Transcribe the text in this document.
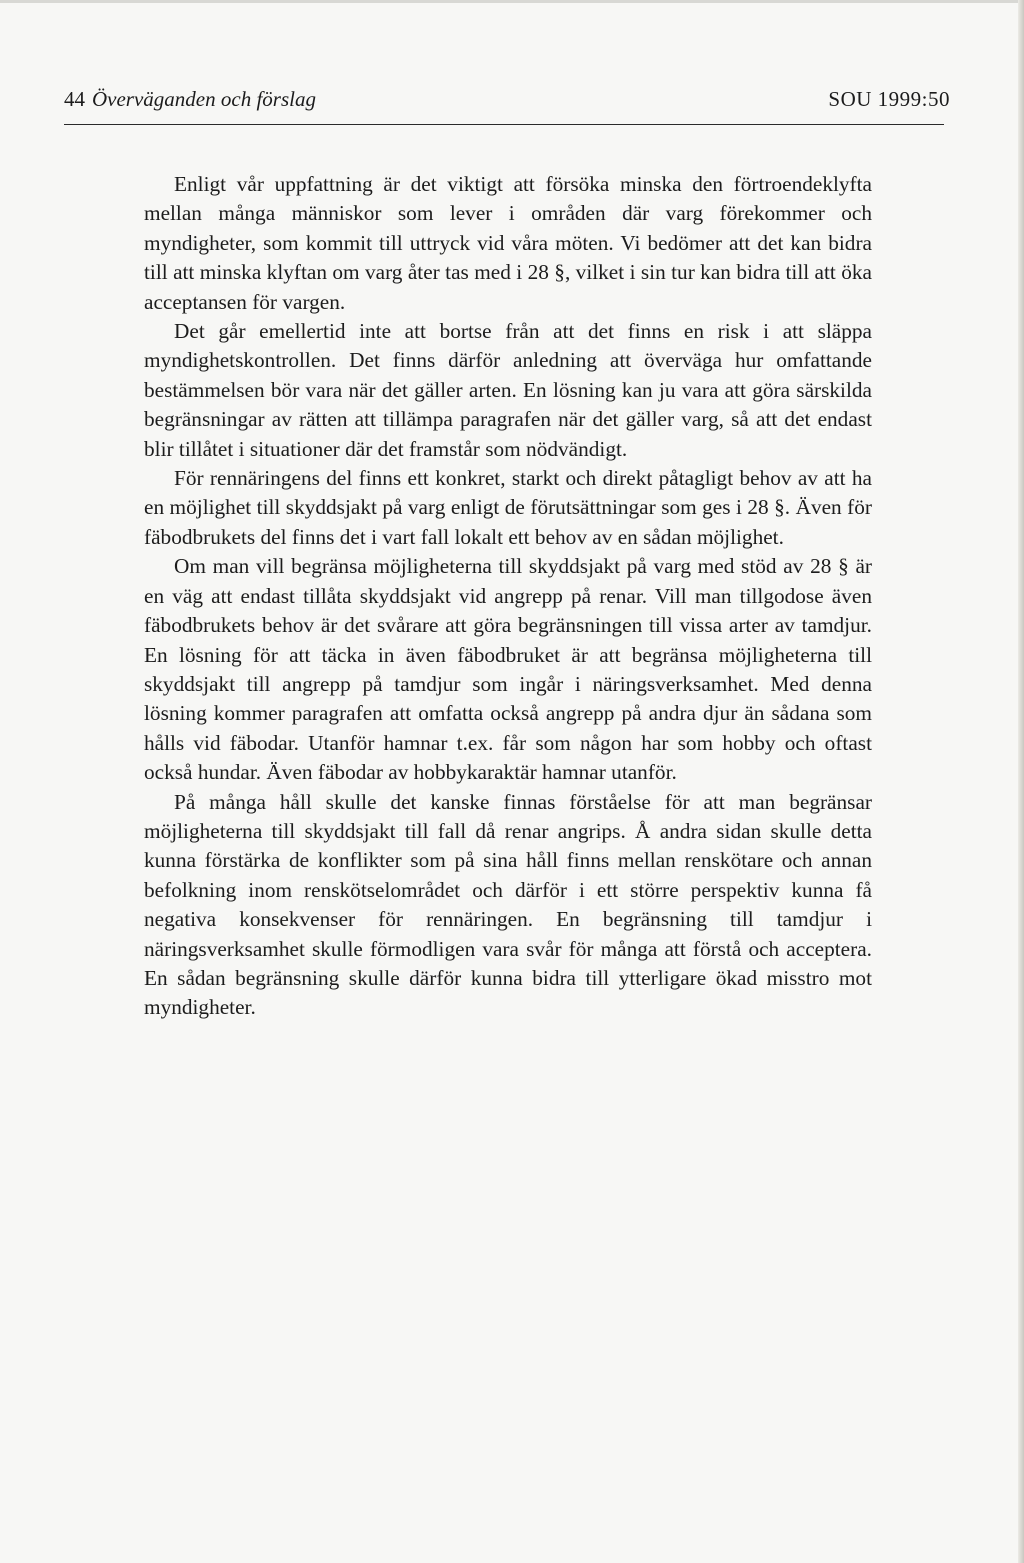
44 Överväganden och förslag	SOU 1999:50

Enligt vår uppfattning är det viktigt att försöka minska den förtroendeklyfta mellan många människor som lever i områden där varg förekommer och myndigheter, som kommit till uttryck vid våra möten. Vi bedömer att det kan bidra till att minska klyftan om varg åter tas med i 28 §, vilket i sin tur kan bidra till att öka acceptansen för vargen.

Det går emellertid inte att bortse från att det finns en risk i att släppa myndighetskontrollen. Det finns därför anledning att överväga hur omfattande bestämmelsen bör vara när det gäller arten. En lösning kan ju vara att göra särskilda begränsningar av rätten att tillämpa paragrafen när det gäller varg, så att det endast blir tillåtet i situationer där det framstår som nödvändigt.

För rennäringens del finns ett konkret, starkt och direkt påtagligt behov av att ha en möjlighet till skyddsjakt på varg enligt de förutsättningar som ges i 28 §. Även för fäbodbrukets del finns det i vart fall lokalt ett behov av en sådan möjlighet.

Om man vill begränsa möjligheterna till skyddsjakt på varg med stöd av 28 § är en väg att endast tillåta skyddsjakt vid angrepp på renar. Vill man tillgodose även fäbodbrukets behov är det svårare att göra begränsningen till vissa arter av tamdjur. En lösning för att täcka in även fäbodbruket är att begränsa möjligheterna till skyddsjakt till angrepp på tamdjur som ingår i näringsverksamhet. Med denna lösning kommer paragrafen att omfatta också angrepp på andra djur än sådana som hålls vid fäbodar. Utanför hamnar t.ex. får som någon har som hobby och oftast också hundar. Även fäbodar av hobbykaraktär hamnar utanför.

På många håll skulle det kanske finnas förståelse för att man begränsar möjligheterna till skyddsjakt till fall då renar angrips. Å andra sidan skulle detta kunna förstärka de konflikter som på sina håll finns mellan renskötare och annan befolkning inom renskötselområdet och därför i ett större perspektiv kunna få negativa konsekvenser för rennäringen. En begränsning till tamdjur i näringsverksamhet skulle förmodligen vara svår för många att förstå och acceptera. En sådan begränsning skulle därför kunna bidra till ytterligare ökad misstro mot myndigheter.
